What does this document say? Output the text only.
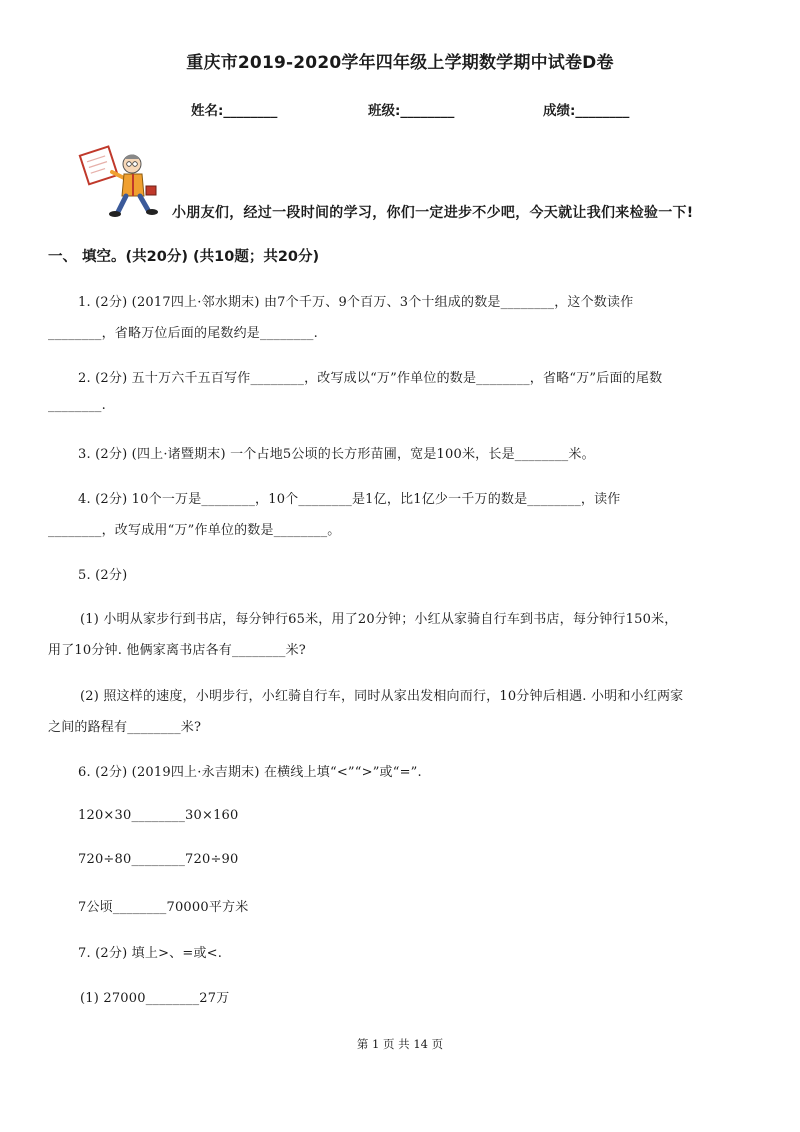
重庆市2019-2020学年四年级上学期数学期中试卷D卷
姓名:________	班级:________	成绩:________
小朋友们，经过一段时间的学习，你们一定进步不少吧，今天就让我们来检验一下!
一、 填空。(共20分) (共10题；共20分)
1. (2分) (2017四上·邻水期末) 由7个千万、9个百万、3个十组成的数是________，这个数读作
________，省略万位后面的尾数约是________.
2. (2分) 五十万六千五百写作________，改写成以“万”作单位的数是________，省略“万”后面的尾数
________.
3. (2分) (四上·诸暨期末) 一个占地5公顷的长方形苗圃，宽是100米，长是________米。
4. (2分) 10个一万是________，10个________是1亿，比1亿少一千万的数是________，读作
________，改写成用“万”作单位的数是________。
5. (2分)
(1) 小明从家步行到书店，每分钟行65米，用了20分钟；小红从家骑自行车到书店，每分钟行150米，
用了10分钟. 他俩家离书店各有________米?
(2) 照这样的速度，小明步行，小红骑自行车，同时从家出发相向而行，10分钟后相遇. 小明和小红两家
之间的路程有________米?
6. (2分) (2019四上·永吉期末) 在横线上填“<”“>”或“=”.
120×30________30×160
720÷80________720÷90
7公顷________70000平方米
7. (2分) 填上>、=或<.
(1) 27000________27万
第 1 页 共 14 页
